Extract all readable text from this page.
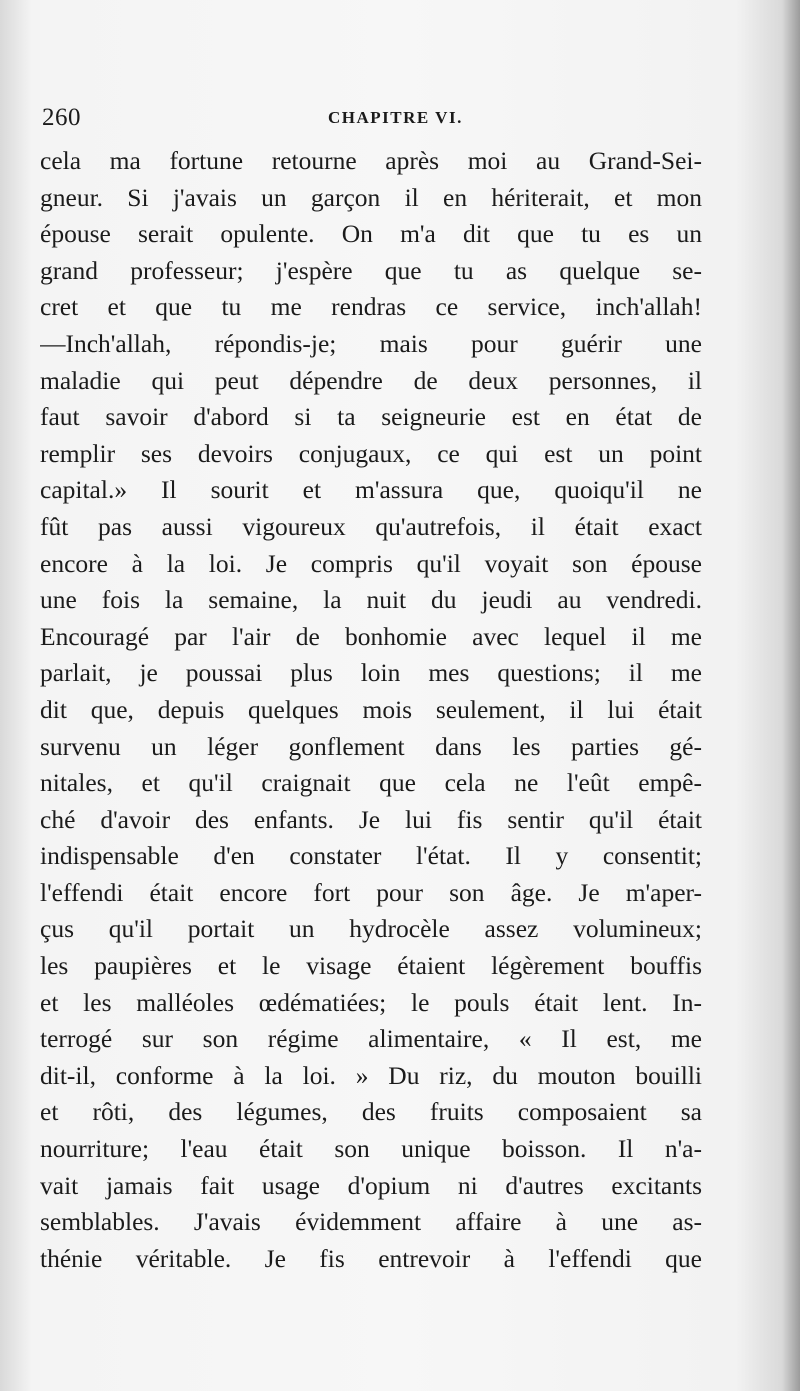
260	CHAPITRE VI.
cela ma fortune retourne après moi au Grand-Sei-
gneur. Si j'avais un garçon il en hériterait, et mon
épouse serait opulente. On m'a dit que tu es un
grand professeur; j'espère que tu as quelque se-
cret et que tu me rendras ce service, inch'allah!
—Inch'allah, répondis-je; mais pour guérir une
maladie qui peut dépendre de deux personnes, il
faut savoir d'abord si ta seigneurie est en état de
remplir ses devoirs conjugaux, ce qui est un point
capital.» Il sourit et m'assura que, quoiqu'il ne
fût pas aussi vigoureux qu'autrefois, il était exact
encore à la loi. Je compris qu'il voyait son épouse
une fois la semaine, la nuit du jeudi au vendredi.
Encouragé par l'air de bonhomie avec lequel il me
parlait, je poussai plus loin mes questions; il me
dit que, depuis quelques mois seulement, il lui était
survenu un léger gonflement dans les parties gé-
nitales, et qu'il craignait que cela ne l'eût empê-
ché d'avoir des enfants. Je lui fis sentir qu'il était
indispensable d'en constater l'état. Il y consentit;
l'effendi était encore fort pour son âge. Je m'aper-
çus qu'il portait un hydrocèle assez volumineux;
les paupières et le visage étaient légèrement bouffis
et les malléoles œdématiées; le pouls était lent. In-
terrogé sur son régime alimentaire, « Il est, me
dit-il, conforme à la loi. » Du riz, du mouton bouilli
et rôti, des légumes, des fruits composaient sa
nourriture; l'eau était son unique boisson. Il n'a-
vait jamais fait usage d'opium ni d'autres excitants
semblables. J'avais évidemment affaire à une as-
thénie véritable. Je fis entrevoir à l'effendi que
